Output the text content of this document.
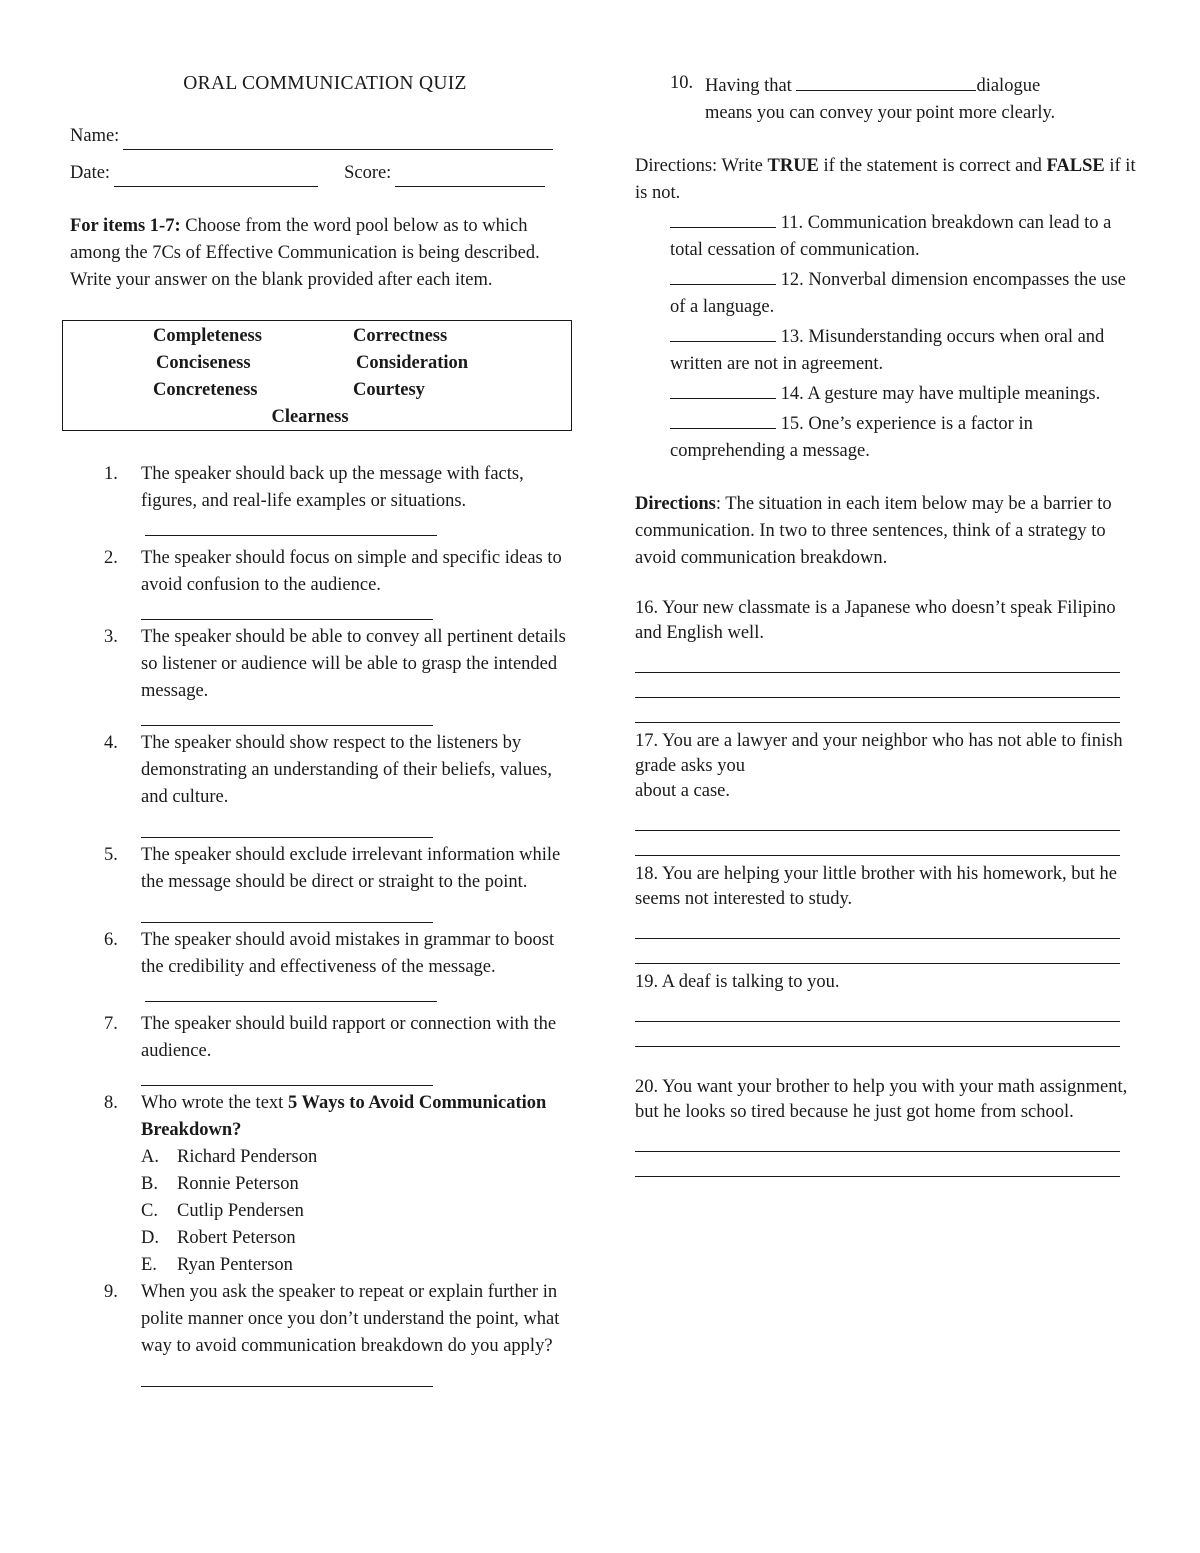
ORAL COMMUNICATION QUIZ
Name:
Date:	Score:
For items 1-7: Choose from the word pool below as to which among the 7Cs of Effective Communication is being described. Write your answer on the blank provided after each item.
Completeness	Correctness
Conciseness	Consideration
Concreteness	Courtesy
Clearness
1. The speaker should back up the message with facts, figures, and real-life examples or situations.
2. The speaker should focus on simple and specific ideas to avoid confusion to the audience.
3. The speaker should be able to convey all pertinent details so listener or audience will be able to grasp the intended message.
4. The speaker should show respect to the listeners by demonstrating an understanding of their beliefs, values, and culture.
5. The speaker should exclude irrelevant information while the message should be direct or straight to the point.
6. The speaker should avoid mistakes in grammar to boost the credibility and effectiveness of the message.
7. The speaker should build rapport or connection with the audience.
8. Who wrote the text 5 Ways to Avoid Communication Breakdown?
A. Richard Penderson
B. Ronnie Peterson
C. Cutlip Pendersen
D. Robert Peterson
E. Ryan Penterson
9. When you ask the speaker to repeat or explain further in polite manner once you don’t understand the point, what way to avoid communication breakdown do you apply?
10. Having that	dialogue
means you can convey your point more clearly.
Directions: Write TRUE if the statement is correct and FALSE if it is not.
11. Communication breakdown can lead to a total cessation of communication.
12. Nonverbal dimension encompasses the use of a language.
13. Misunderstanding occurs when oral and written are not in agreement.
14. A gesture may have multiple meanings.
15. One’s experience is a factor in comprehending a message.
Directions: The situation in each item below may be a barrier to communication. In two to three sentences, think of a strategy to avoid communication breakdown.
16. Your new classmate is a Japanese who doesn’t speak Filipino and English well.
17. You are a lawyer and your neighbor who has not able to finish grade asks you
about a case.
18. You are helping your little brother with his homework, but he seems not interested to study.
19. A deaf is talking to you.
20. You want your brother to help you with your math assignment, but he looks so tired because he just got home from school.
